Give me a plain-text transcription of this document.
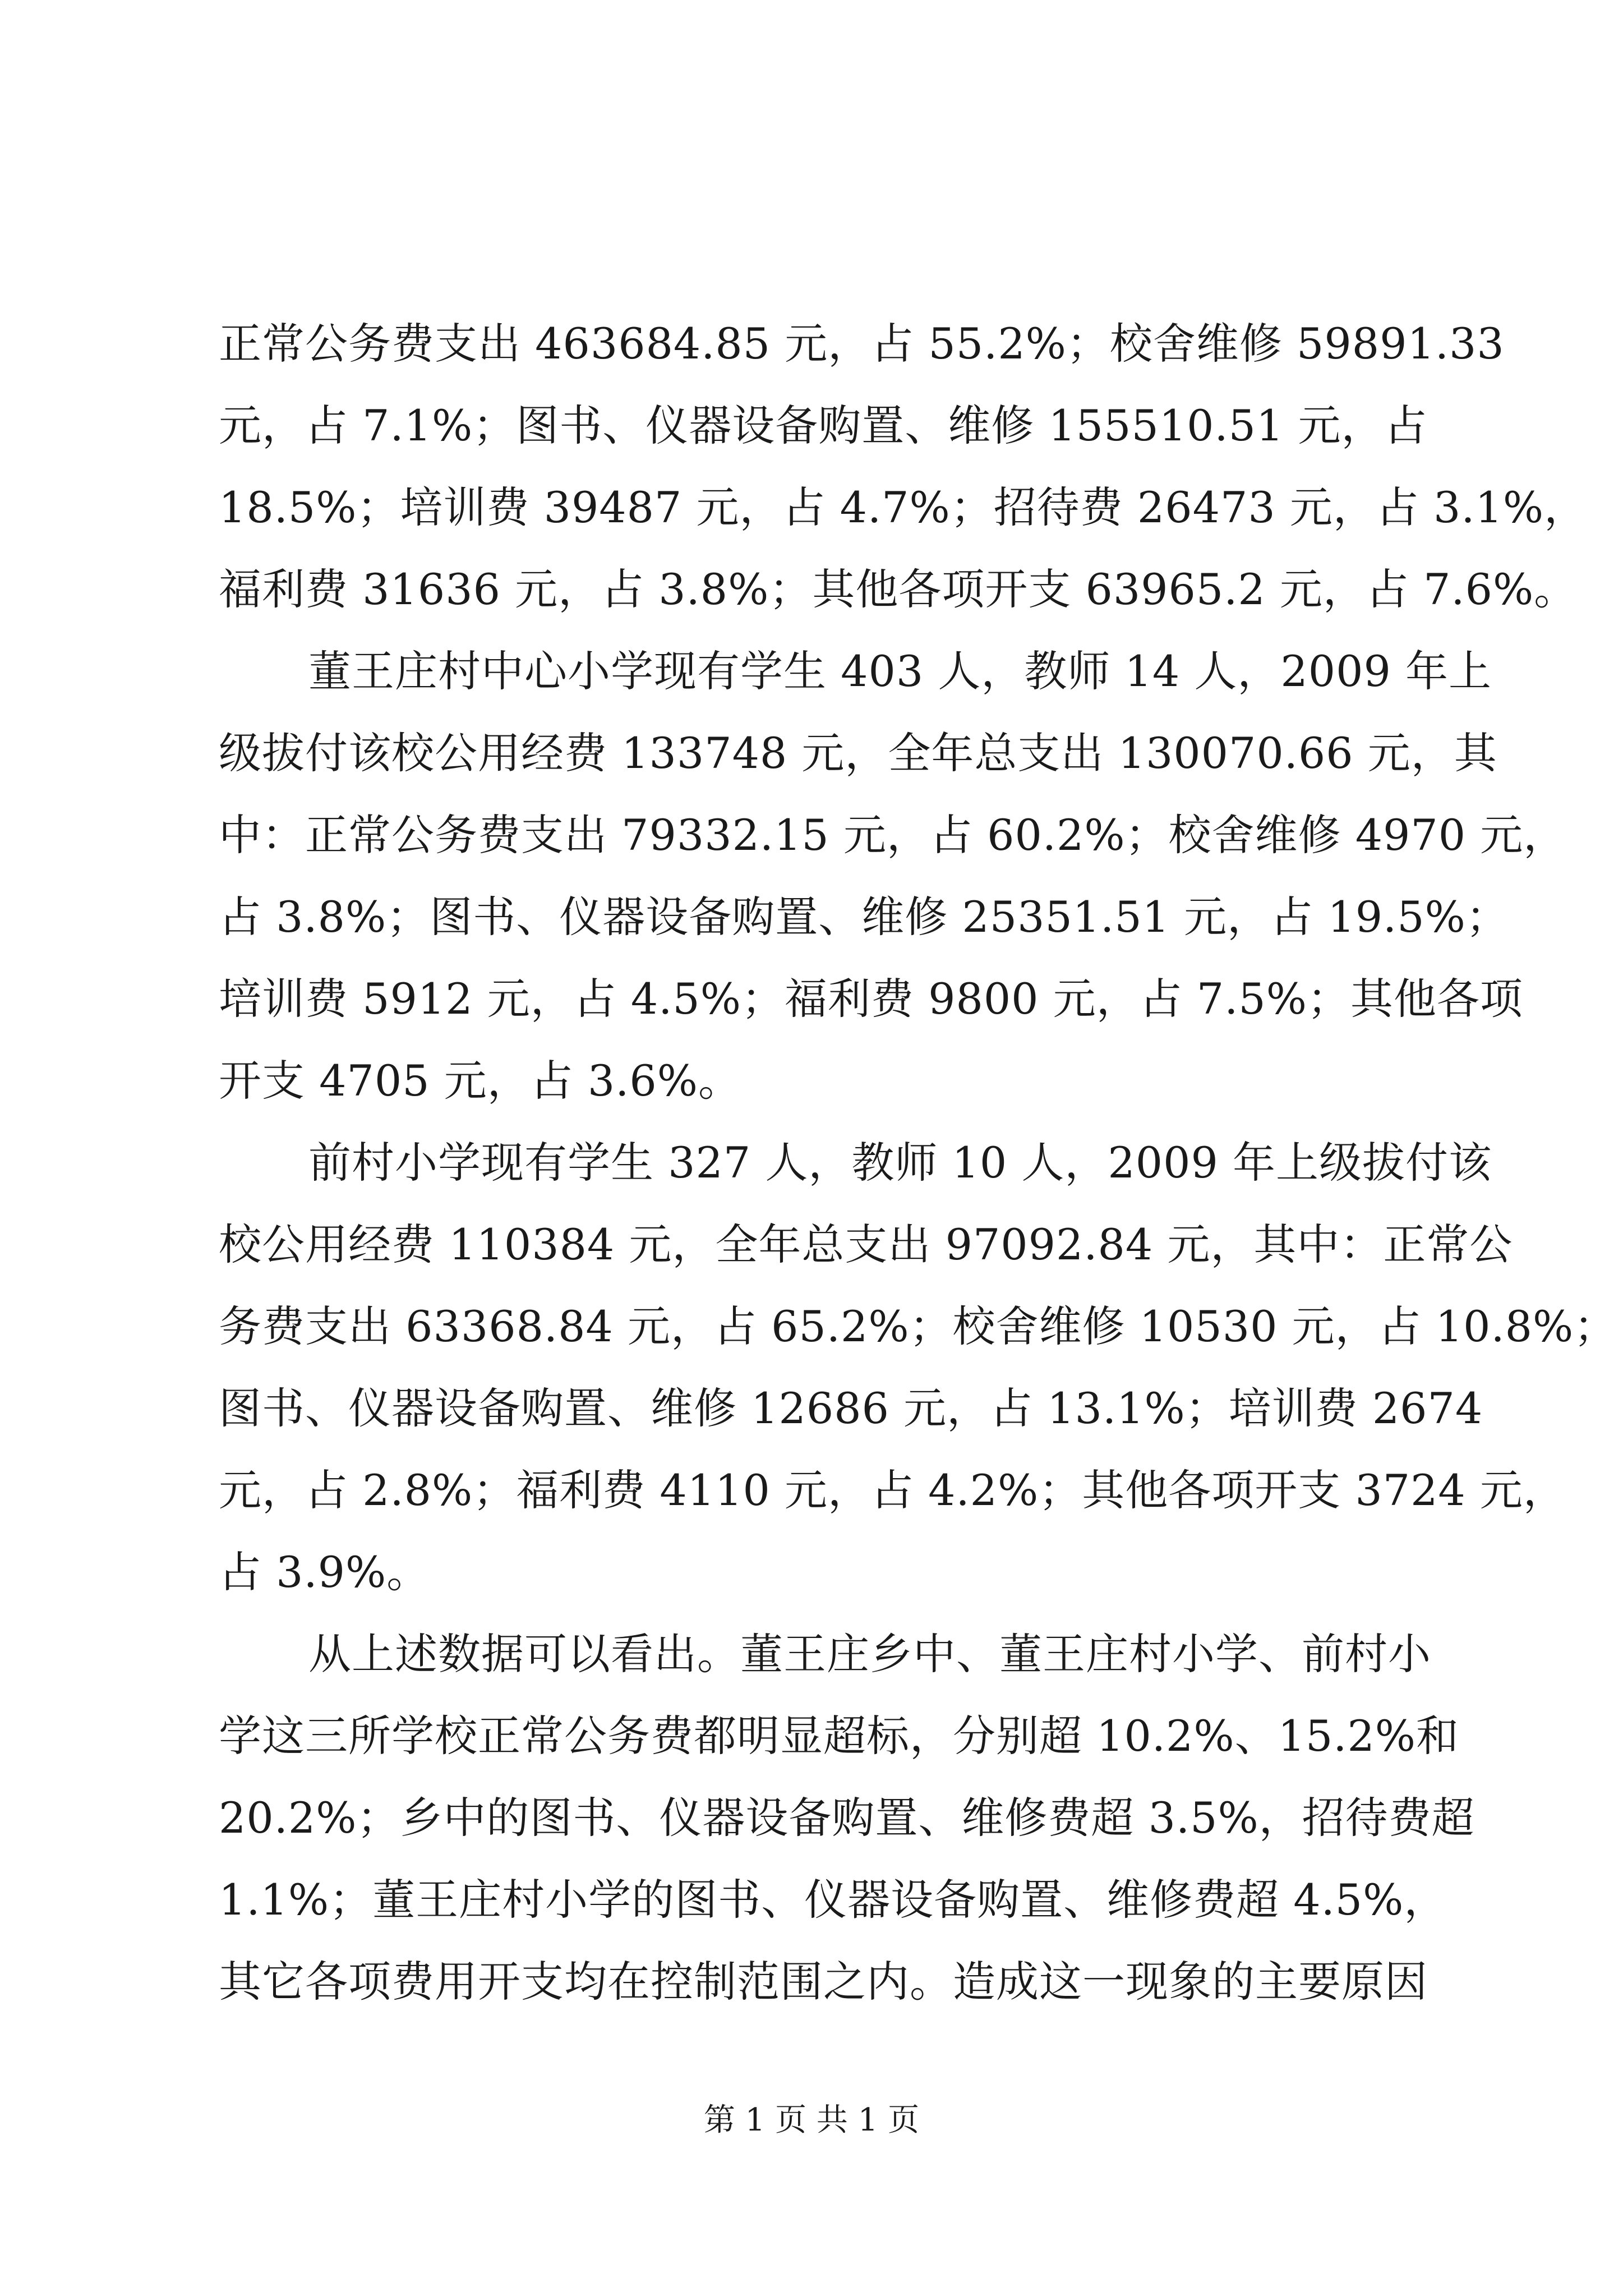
正常公务费支出 463684.85 元，占 55.2%；校舍维修 59891.33
元，占 7.1%；图书、仪器设备购置、维修 155510.51 元，占
18.5%；培训费 39487 元，占 4.7%；招待费 26473 元，占 3.1%，
福利费 31636 元，占 3.8%；其他各项开支 63965.2 元，占 7.6%。
董王庄村中心小学现有学生 403 人，教师 14 人，2009 年上
级拔付该校公用经费 133748 元，全年总支出 130070.66 元，其
中：正常公务费支出 79332.15 元，占 60.2%；校舍维修 4970 元，
占 3.8%；图书、仪器设备购置、维修 25351.51 元，占 19.5%；
培训费 5912 元，占 4.5%；福利费 9800 元，占 7.5%；其他各项
开支 4705 元，占 3.6%。
前村小学现有学生 327 人，教师 10 人，2009 年上级拔付该
校公用经费 110384 元，全年总支出 97092.84 元，其中：正常公
务费支出 63368.84 元，占 65.2%；校舍维修 10530 元，占 10.8%；
图书、仪器设备购置、维修 12686 元，占 13.1%；培训费 2674
元，占 2.8%；福利费 4110 元，占 4.2%；其他各项开支 3724 元，
占 3.9%。
从上述数据可以看出。董王庄乡中、董王庄村小学、前村小
学这三所学校正常公务费都明显超标，分别超 10.2%、15.2%和
20.2%；乡中的图书、仪器设备购置、维修费超 3.5%，招待费超
1.1%；董王庄村小学的图书、仪器设备购置、维修费超 4.5%，
其它各项费用开支均在控制范围之内。造成这一现象的主要原因
第 1 页 共 1 页
